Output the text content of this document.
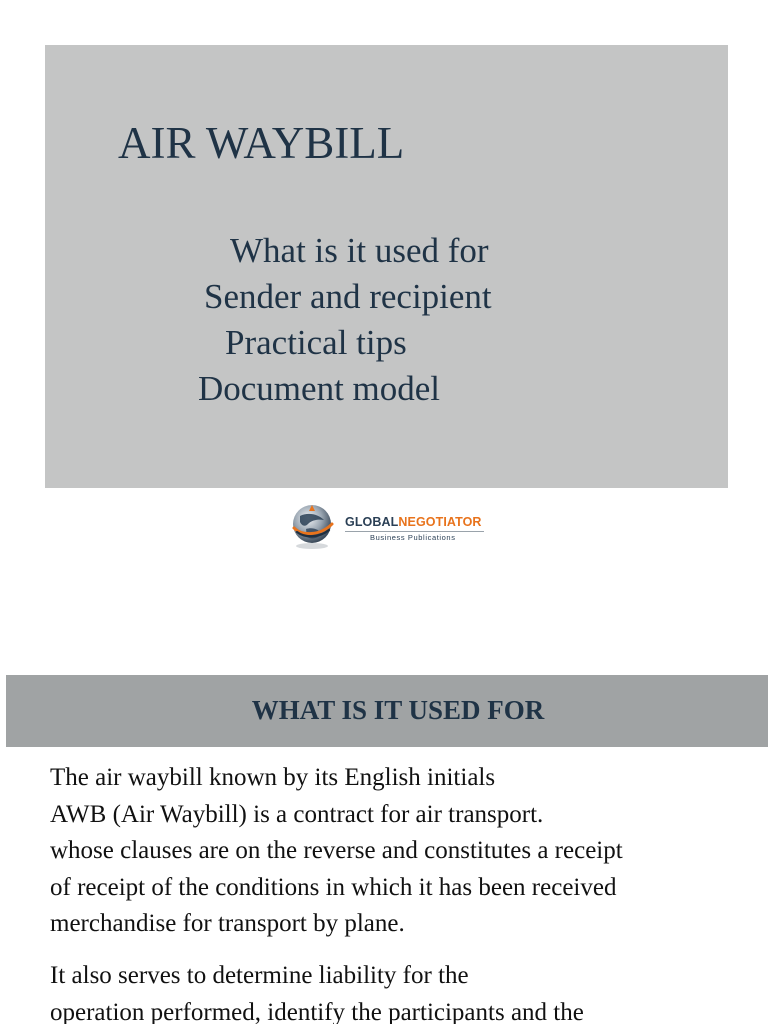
AIR WAYBILL
What is it used for
Sender and recipient
Practical tips
Document model
GLOBALNEGOTIATOR
Business Publications
WHAT IS IT USED FOR
The air waybill known by its English initials
AWB (Air Waybill) is a contract for air transport.
whose clauses are on the reverse and constitutes a receipt
of receipt of the conditions in which it has been received
merchandise for transport by plane.
It also serves to determine liability for the
operation performed, identify the participants and the
